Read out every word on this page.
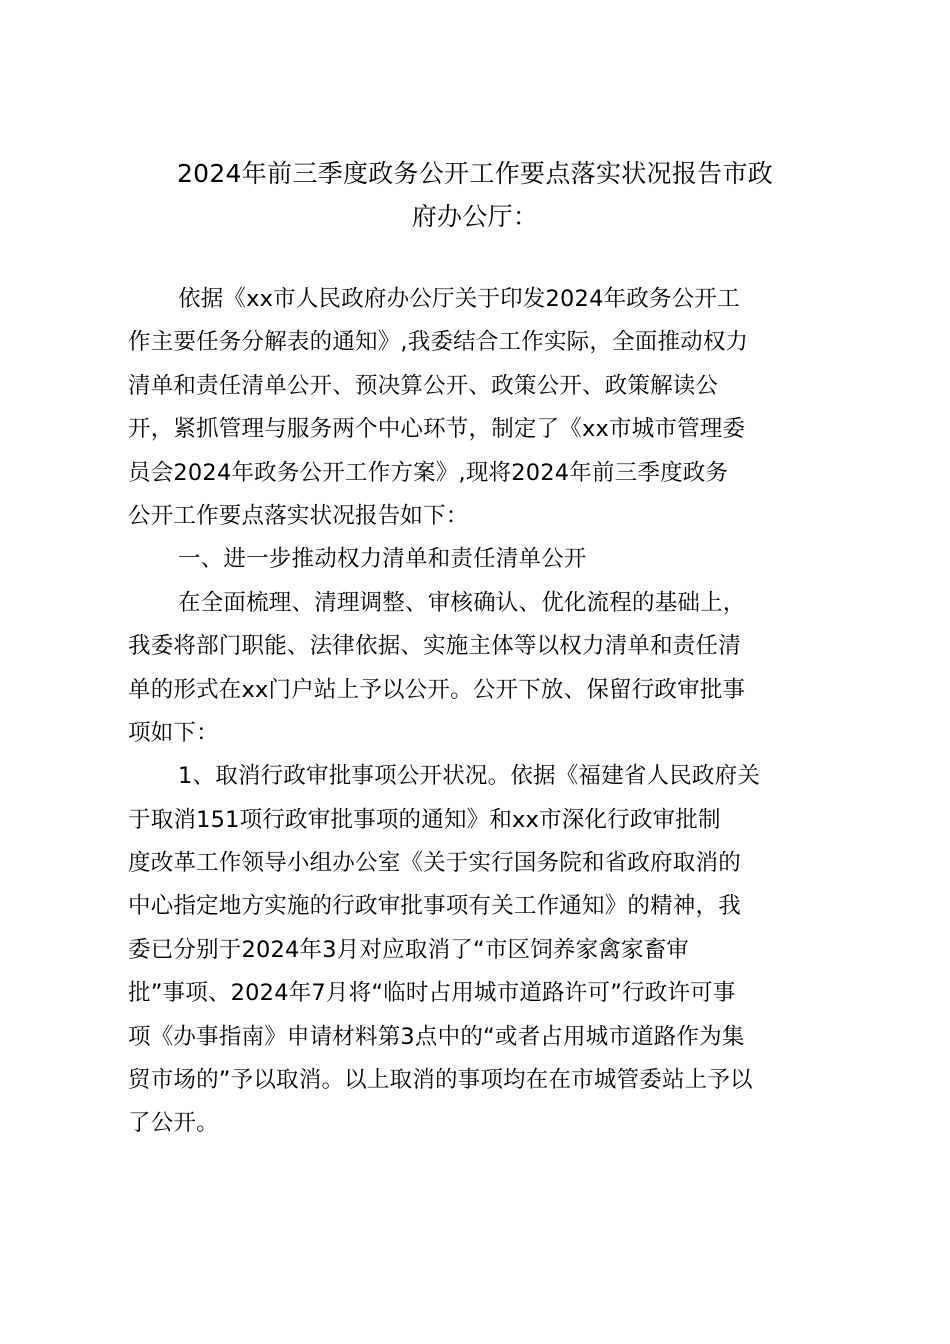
2024年前三季度政务公开工作要点落实状况报告市政
府办公厅：
依据《xx市人民政府办公厅关于印发2024年政务公开工
作主要任务分解表的通知》,我委结合工作实际，全面推动权力
清单和责任清单公开、预决算公开、政策公开、政策解读公
开，紧抓管理与服务两个中心环节，制定了《xx市城市管理委
员会2024年政务公开工作方案》,现将2024年前三季度政务
公开工作要点落实状况报告如下：
一、进一步推动权力清单和责任清单公开
在全面梳理、清理调整、审核确认、优化流程的基础上，
我委将部门职能、法律依据、实施主体等以权力清单和责任清
单的形式在xx门户站上予以公开。公开下放、保留行政审批事
项如下：
1、取消行政审批事项公开状况。依据《福建省人民政府关
于取消151项行政审批事项的通知》和xx市深化行政审批制
度改革工作领导小组办公室《关于实行国务院和省政府取消的
中心指定地方实施的行政审批事项有关工作通知》的精神，我
委已分别于2024年3月对应取消了“市区饲养家禽家畜审
批”事项、2024年7月将“临时占用城市道路许可”行政许可事
项《办事指南》申请材料第3点中的“或者占用城市道路作为集
贸市场的”予以取消。以上取消的事项均在在市城管委站上予以
了公开。
